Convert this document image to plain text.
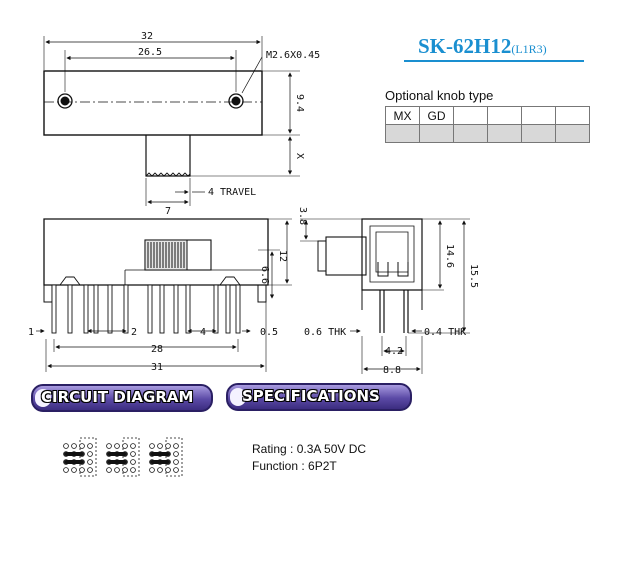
32
26.5	M2.6X0.45
9.4
X
7
4 TRAVEL
1	2	4	0.5
28
31
6.6
12
3.8
14.6
15.5
0.6 THK	0.4 THK
4.2
8.8
SK-62H12(L1R3)
Optional knob type
MX	GD				

CIRCUIT DIAGRAM	SPECIFICATIONS
Rating : 0.3A 50V DC
Function : 6P2T
